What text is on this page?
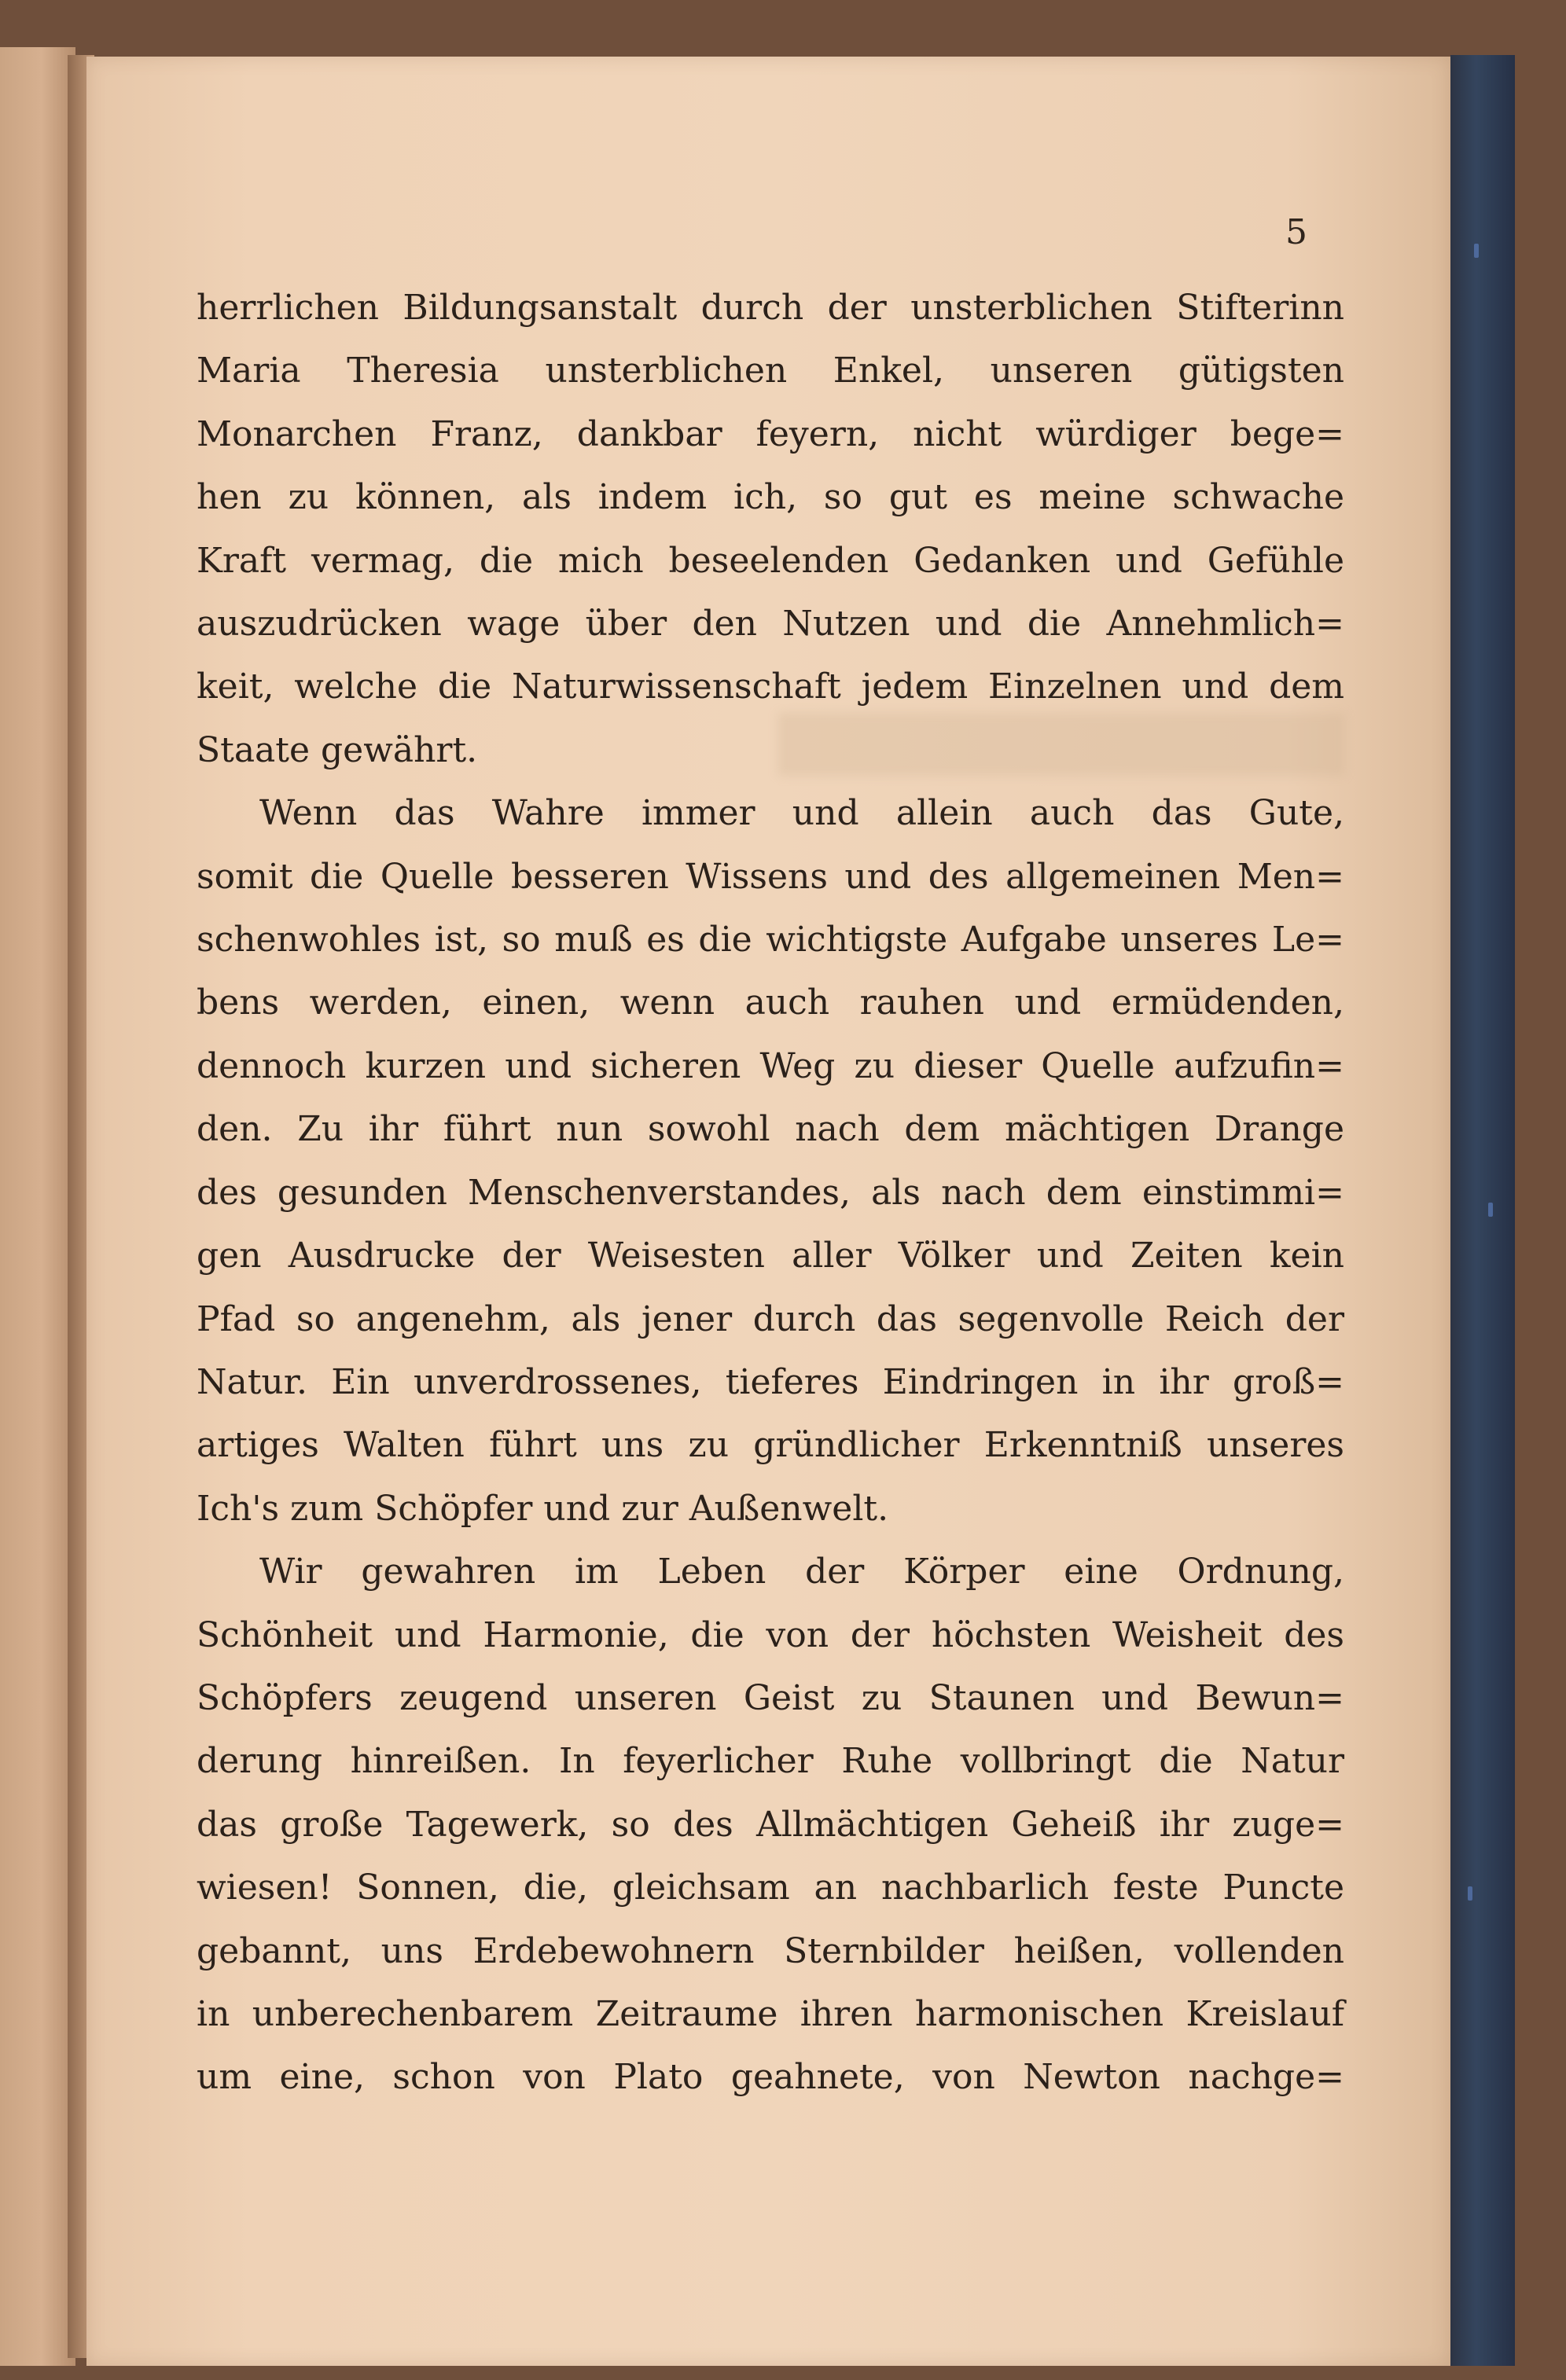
5
herrlichen Bildungsanstalt durch der unsterblichen Stifterinn
Maria Theresia unsterblichen Enkel, unseren gütigsten
Monarchen Franz, dankbar feyern, nicht würdiger bege=
hen zu können, als indem ich, so gut es meine schwache
Kraft vermag, die mich beseelenden Gedanken und Gefühle
auszudrücken wage über den Nutzen und die Annehmlich=
keit, welche die Naturwissenschaft jedem Einzelnen und dem
Staate gewährt.
Wenn das Wahre immer und allein auch das Gute,
somit die Quelle besseren Wissens und des allgemeinen Men=
schenwohles ist, so muß es die wichtigste Aufgabe unseres Le=
bens werden, einen, wenn auch rauhen und ermüdenden,
dennoch kurzen und sicheren Weg zu dieser Quelle aufzufin=
den. Zu ihr führt nun sowohl nach dem mächtigen Drange
des gesunden Menschenverstandes, als nach dem einstimmi=
gen Ausdrucke der Weisesten aller Völker und Zeiten kein
Pfad so angenehm, als jener durch das segenvolle Reich der
Natur. Ein unverdrossenes, tieferes Eindringen in ihr groß=
artiges Walten führt uns zu gründlicher Erkenntniß unseres
Ich's zum Schöpfer und zur Außenwelt.
Wir gewahren im Leben der Körper eine Ordnung,
Schönheit und Harmonie, die von der höchsten Weisheit des
Schöpfers zeugend unseren Geist zu Staunen und Bewun=
derung hinreißen. In feyerlicher Ruhe vollbringt die Natur
das große Tagewerk, so des Allmächtigen Geheiß ihr zuge=
wiesen! Sonnen, die, gleichsam an nachbarlich feste Puncte
gebannt, uns Erdebewohnern Sternbilder heißen, vollenden
in unberechenbarem Zeitraume ihren harmonischen Kreislauf
um eine, schon von Plato geahnete, von Newton nachge=
